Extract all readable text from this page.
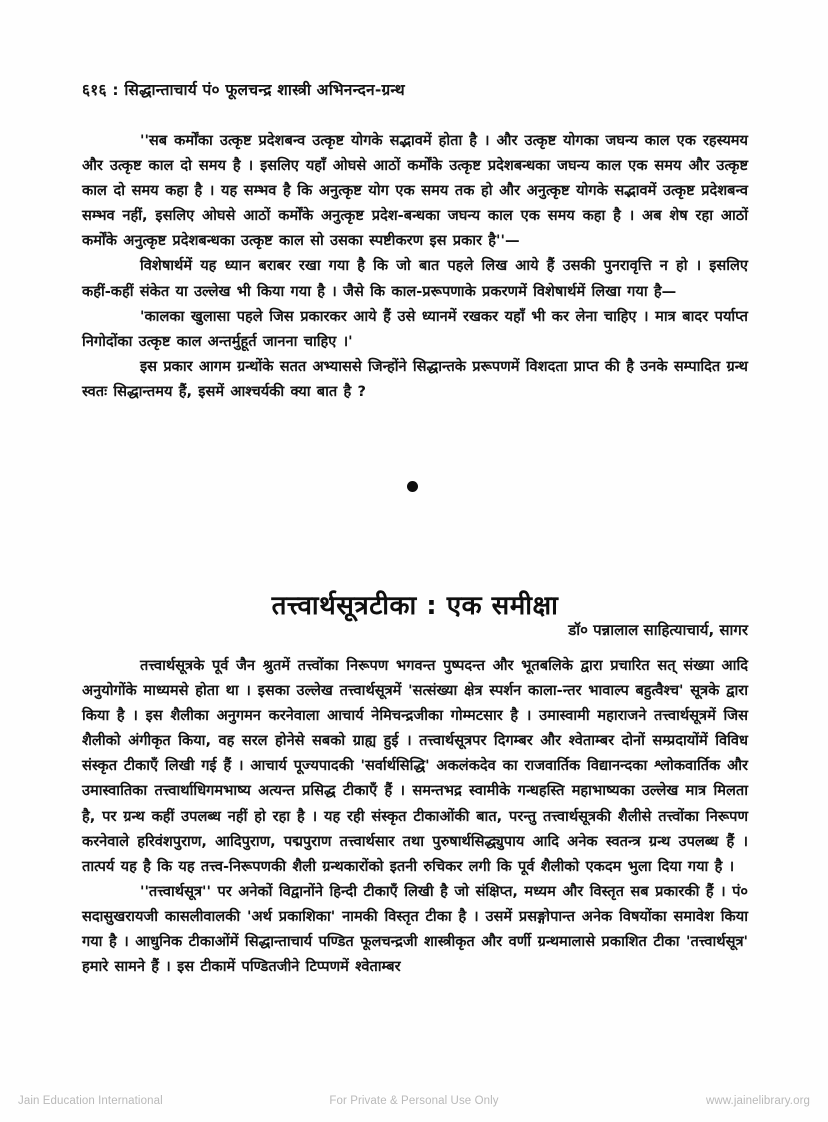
६१६ : सिद्धान्ताचार्य पं० फूलचन्द्र शास्त्री अभिनन्दन-ग्रन्थ

''सब कर्मोंका उत्कृष्ट प्रदेशबन्व उत्कृष्ट योगके सद्भावमें होता है । और उत्कृष्ट योगका जघन्य काल एक रहस्यमय और उत्कृष्ट काल दो समय है । इसलिए यहाँ ओघसे आठों कर्मोंके उत्कृष्ट प्रदेशबन्धका जघन्य काल एक समय और उत्कृष्ट काल दो समय कहा है । यह सम्भव है कि अनुत्कृष्ट योग एक समय तक हो और अनुत्कृष्ट योगके सद्भावमें उत्कृष्ट प्रदेशबन्व सम्भव नहीं, इसलिए ओघसे आठों कर्मोंके अनुत्कृष्ट प्रदेश-बन्धका जघन्य काल एक समय कहा है । अब शेष रहा आठों कर्मोंके अनुत्कृष्ट प्रदेशबन्धका उत्कृष्ट काल सो उसका स्पष्टीकरण इस प्रकार है''—

विशेषार्थमें यह ध्यान बराबर रखा गया है कि जो बात पहले लिख आये हैं उसकी पुनरावृत्ति न हो । इसलिए कहीं-कहीं संकेत या उल्लेख भी किया गया है । जैसे कि काल-प्ररूपणाके प्रकरणमें विशेषार्थमें लिखा गया है—

'कालका खुलासा पहले जिस प्रकारकर आये हैं उसे ध्यानमें रखकर यहाँ भी कर लेना चाहिए । मात्र बादर पर्याप्त निगोदोंका उत्कृष्ट काल अन्तर्मुहूर्त जानना चाहिए ।'

इस प्रकार आगम ग्रन्थोंके सतत अभ्याससे जिन्होंने सिद्धान्तके प्ररूपणमें विशदता प्राप्त की है उनके सम्पादित ग्रन्थ स्वतः सिद्धान्तमय हैं, इसमें आश्चर्यकी क्या बात है ?

तत्त्वार्थसूत्रटीका : एक समीक्षा
डॉ० पन्नालाल साहित्याचार्य, सागर

तत्त्वार्थसूत्रके पूर्व जैन श्रुतमें तत्त्वोंका निरूपण भगवन्त पुष्पदन्त और भूतबलिके द्वारा प्रचारित सत् संख्या आदि अनुयोगोंके माध्यमसे होता था । इसका उल्लेख तत्त्वार्थसूत्रमें 'सत्संख्या क्षेत्र स्पर्शन काला-न्तर भावाल्प बहुत्वैश्च' सूत्रके द्वारा किया है । इस शैलीका अनुगमन करनेवाला आचार्य नेमिचन्द्रजीका गोम्मटसार है । उमास्वामी महाराजने तत्त्वार्थसूत्रमें जिस शैलीको अंगीकृत किया, वह सरल होनेसे सबको ग्राह्य हुई । तत्त्वार्थसूत्रपर दिगम्बर और श्वेताम्बर दोनों सम्प्रदायोंमें विविध संस्कृत टीकाएँ लिखी गई हैं । आचार्य पूज्यपादकी 'सर्वार्थसिद्धि' अकलंकदेव का राजवार्तिक विद्यानन्दका श्लोकवार्तिक और उमास्वातिका तत्त्वार्थाधिगमभाष्य अत्यन्त प्रसिद्ध टीकाएँ हैं । समन्तभद्र स्वामीके गन्धहस्ति महाभाष्यका उल्लेख मात्र मिलता है, पर ग्रन्थ कहीं उपलब्ध नहीं हो रहा है । यह रही संस्कृत टीकाओंकी बात, परन्तु तत्त्वार्थसूत्रकी शैलीसे तत्त्वोंका निरूपण करनेवाले हरिवंशपुराण, आदिपुराण, पद्मपुराण तत्त्वार्थसार तथा पुरुषार्थसिद्ध्युपाय आदि अनेक स्वतन्त्र ग्रन्थ उपलब्ध हैं । तात्पर्य यह है कि यह तत्त्व-निरूपणकी शैली ग्रन्थकारोंको इतनी रुचिकर लगी कि पूर्व शैलीको एकदम भुला दिया गया है ।

''तत्त्वार्थसूत्र'' पर अनेकों विद्वानोंने हिन्दी टीकाएँ लिखी है जो संक्षिप्त, मध्यम और विस्तृत सब प्रकारकी हैं । पं० सदासुखरायजी कासलीवालकी 'अर्थ प्रकाशिका' नामकी विस्तृत टीका है । उसमें प्रसङ्गोपान्त अनेक विषयोंका समावेश किया गया है । आधुनिक टीकाओंमें सिद्धान्ताचार्य पण्डित फूलचन्द्रजी शास्त्रीकृत और वर्णी ग्रन्थमालासे प्रकाशित टीका 'तत्त्वार्थसूत्र' हमारे सामने हैं । इस टीकामें पण्डितजीने टिप्पणमें श्वेताम्बर

Jain Education International	For Private & Personal Use Only	www.jainelibrary.org
